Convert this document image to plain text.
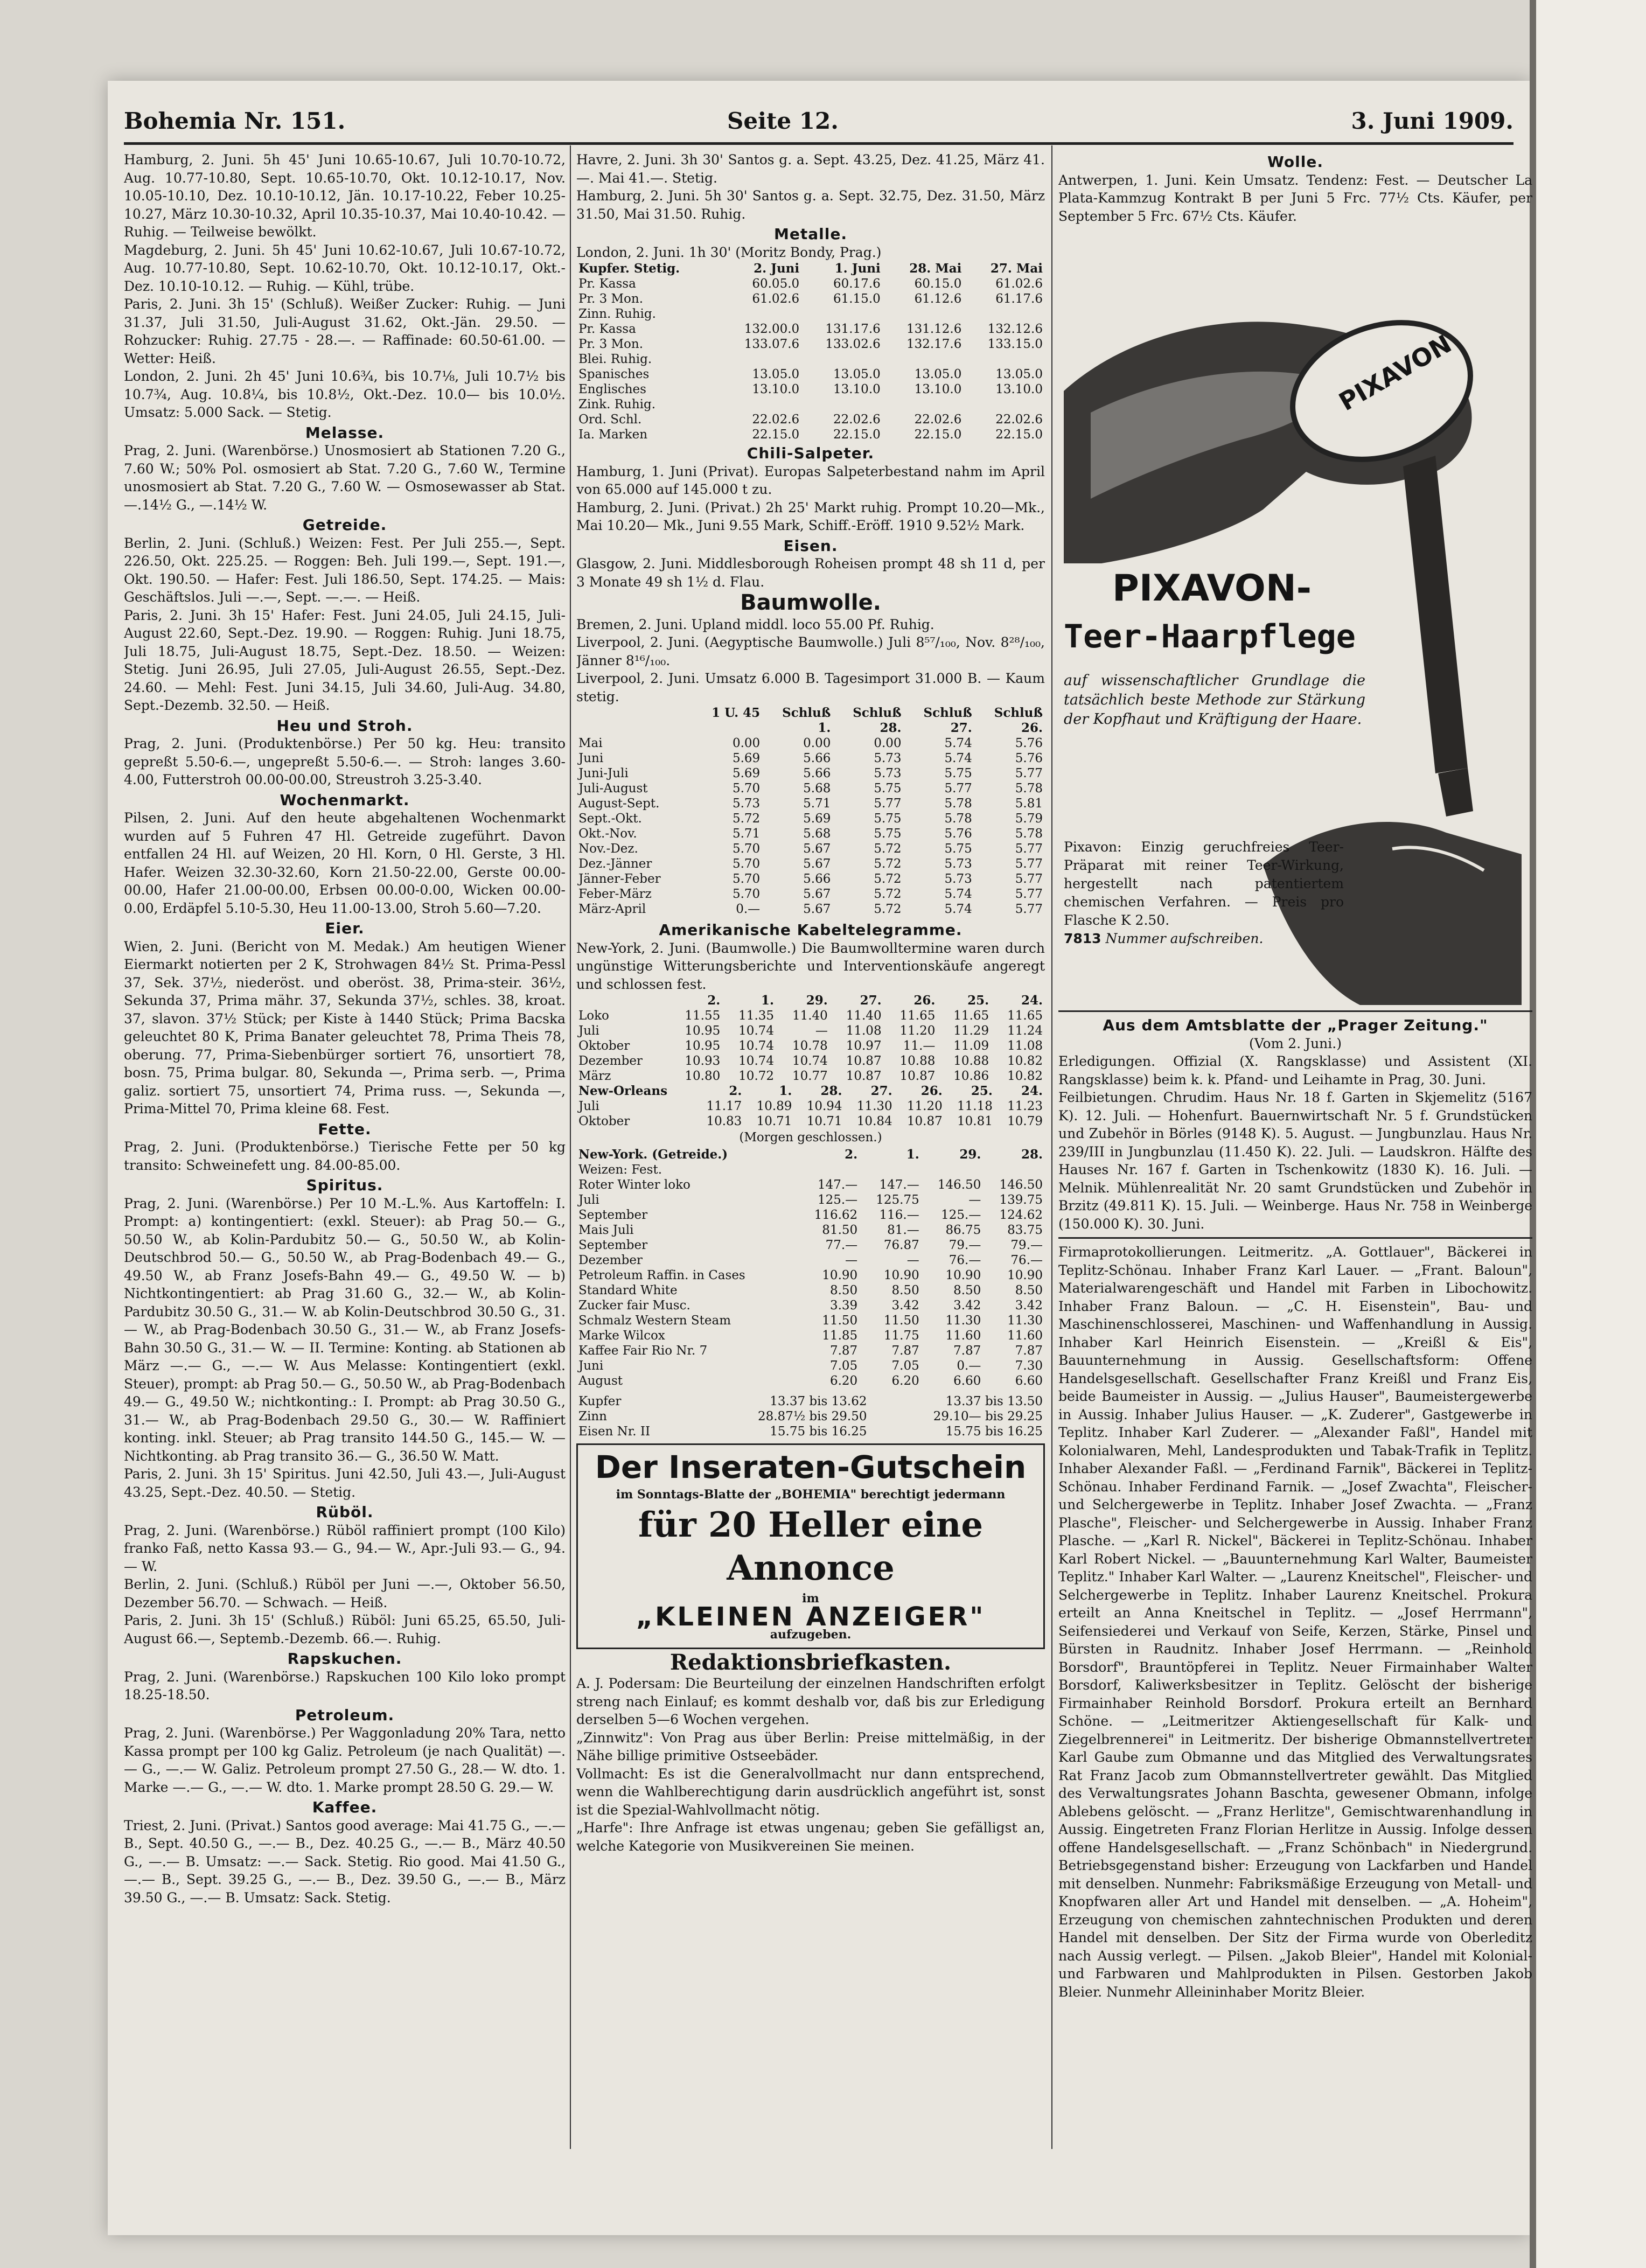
Bohemia Nr. 151.	Seite 12.	3. Juni 1909.

Hamburg, 2. Juni. 5h 45' Juni 10.65-10.67, Juli 10.70-10.72, Aug. 10.77-10.80, Sept. 10.65-10.70, Okt. 10.12-10.17, Nov. 10.05-10.10, Dez. 10.10-10.12, Jän. 10.17-10.22, Feber 10.25-10.27, März 10.30-10.32, April 10.35-10.37, Mai 10.40-10.42. — Ruhig. — Teilweise bewölkt.

Magdeburg, 2. Juni. 5h 45' Juni 10.62-10.67, Juli 10.67-10.72, Aug. 10.77-10.80, Sept. 10.62-10.70, Okt. 10.12-10.17, Okt.-Dez. 10.10-10.12. — Ruhig. — Kühl, trübe.

Paris, 2. Juni. 3h 15' (Schluß). Weißer Zucker: Ruhig. — Juni 31.37, Juli 31.50, Juli-August 31.62, Okt.-Jän. 29.50. — Rohzucker: Ruhig. 27.75 - 28.—. — Raffinade: 60.50-61.00. — Wetter: Heiß.

London, 2. Juni. 2h 45' Juni 10.6¾, bis 10.7⅛, Juli 10.7½ bis 10.7¾, Aug. 10.8¼, bis 10.8½, Okt.-Dez. 10.0— bis 10.0½. Umsatz: 5.000 Sack. — Stetig.

Melasse.

Prag, 2. Juni. (Warenbörse.) Unosmosiert ab Stationen 7.20 G., 7.60 W.; 50% Pol. osmosiert ab Stat. 7.20 G., 7.60 W., Termine unosmosiert ab Stat. 7.20 G., 7.60 W. — Osmosewasser ab Stat. —.14½ G., —.14½ W.

Getreide.

Berlin, 2. Juni. (Schluß.) Weizen: Fest. Per Juli 255.—, Sept. 226.50, Okt. 225.25. — Roggen: Beh. Juli 199.—, Sept. 191.—, Okt. 190.50. — Hafer: Fest. Juli 186.50, Sept. 174.25. — Mais: Geschäftslos. Juli —.—, Sept. —.—. — Heiß.

Paris, 2. Juni. 3h 15' Hafer: Fest. Juni 24.05, Juli 24.15, Juli-August 22.60, Sept.-Dez. 19.90. — Roggen: Ruhig. Juni 18.75, Juli 18.75, Juli-August 18.75, Sept.-Dez. 18.50. — Weizen: Stetig. Juni 26.95, Juli 27.05, Juli-August 26.55, Sept.-Dez. 24.60. — Mehl: Fest. Juni 34.15, Juli 34.60, Juli-Aug. 34.80, Sept.-Dezemb. 32.50. — Heiß.

Heu und Stroh.

Prag, 2. Juni. (Produktenbörse.) Per 50 kg. Heu: transito gepreßt 5.50-6.—, ungepreßt 5.50-6.—. — Stroh: langes 3.60-4.00, Futterstroh 00.00-00.00, Streustroh 3.25-3.40.

Wochenmarkt.

Pilsen, 2. Juni. Auf den heute abgehaltenen Wochenmarkt wurden auf 5 Fuhren 47 Hl. Getreide zugeführt. Davon entfallen 24 Hl. auf Weizen, 20 Hl. Korn, 0 Hl. Gerste, 3 Hl. Hafer. Weizen 32.30-32.60, Korn 21.50-22.00, Gerste 00.00-00.00, Hafer 21.00-00.00, Erbsen 00.00-0.00, Wicken 00.00-0.00, Erdäpfel 5.10-5.30, Heu 11.00-13.00, Stroh 5.60—7.20.

Eier.

Wien, 2. Juni. (Bericht von M. Medak.) Am heutigen Wiener Eiermarkt notierten per 2 K, Strohwagen 84½ St. Prima-Pessl 37, Sek. 37½, niederöst. und oberöst. 38, Prima-steir. 36½, Sekunda 37, Prima mähr. 37, Sekunda 37½, schles. 38, kroat. 37, slavon. 37½ Stück; per Kiste à 1440 Stück; Prima Bacska geleuchtet 80 K, Prima Banater geleuchtet 78, Prima Theis 78, oberung. 77, Prima-Siebenbürger sortiert 76, unsortiert 78, bosn. 75, Prima bulgar. 80, Sekunda —, Prima serb. —, Prima galiz. sortiert 75, unsortiert 74, Prima russ. —, Sekunda —, Prima-Mittel 70, Prima kleine 68. Fest.

Fette.

Prag, 2. Juni. (Produktenbörse.) Tierische Fette per 50 kg transito: Schweinefett ung. 84.00-85.00.

Spiritus.

Prag, 2. Juni. (Warenbörse.) Per 10 M.-L.%. Aus Kartoffeln: I. Prompt: a) kontingentiert: (exkl. Steuer): ab Prag 50.— G., 50.50 W., ab Kolin-Pardubitz 50.— G., 50.50 W., ab Kolin-Deutschbrod 50.— G., 50.50 W., ab Prag-Bodenbach 49.— G., 49.50 W., ab Franz Josefs-Bahn 49.— G., 49.50 W. — b) Nichtkontingentiert: ab Prag 31.60 G., 32.— W., ab Kolin-Pardubitz 30.50 G., 31.— W. ab Kolin-Deutschbrod 30.50 G., 31.— W., ab Prag-Bodenbach 30.50 G., 31.— W., ab Franz Josefs-Bahn 30.50 G., 31.— W. — II. Termine: Konting. ab Stationen ab März —.— G., —.— W. Aus Melasse: Kontingentiert (exkl. Steuer), prompt: ab Prag 50.— G., 50.50 W., ab Prag-Bodenbach 49.— G., 49.50 W.; nichtkonting.: I. Prompt: ab Prag 30.50 G., 31.— W., ab Prag-Bodenbach 29.50 G., 30.— W. Raffiniert konting. inkl. Steuer; ab Prag transito 144.50 G., 145.— W. — Nichtkonting. ab Prag transito 36.— G., 36.50 W. Matt.

Paris, 2. Juni. 3h 15' Spiritus. Juni 42.50, Juli 43.—, Juli-August 43.25, Sept.-Dez. 40.50. — Stetig.

Rüböl.

Prag, 2. Juni. (Warenbörse.) Rüböl raffiniert prompt (100 Kilo) franko Faß, netto Kassa 93.— G., 94.— W., Apr.-Juli 93.— G., 94.— W.

Berlin, 2. Juni. (Schluß.) Rüböl per Juni —.—, Oktober 56.50, Dezember 56.70. — Schwach. — Heiß.

Paris, 2. Juni. 3h 15' (Schluß.) Rüböl: Juni 65.25, 65.50, Juli-August 66.—, Septemb.-Dezemb. 66.—. Ruhig.

Rapskuchen.

Prag, 2. Juni. (Warenbörse.) Rapskuchen 100 Kilo loko prompt 18.25-18.50.

Petroleum.

Prag, 2. Juni. (Warenbörse.) Per Waggonladung 20% Tara, netto Kassa prompt per 100 kg Galiz. Petroleum (je nach Qualität) —.— G., —.— W. Galiz. Petroleum prompt 27.50 G., 28.— W. dto. 1. Marke —.— G., —.— W. dto. 1. Marke prompt 28.50 G. 29.— W.

Kaffee.

Triest, 2. Juni. (Privat.) Santos good average: Mai 41.75 G., —.— B., Sept. 40.50 G., —.— B., Dez. 40.25 G., —.— B., März 40.50 G., —.— B. Umsatz: —.— Sack. Stetig. Rio good. Mai 41.50 G., —.— B., Sept. 39.25 G., —.— B., Dez. 39.50 G., —.— B., März 39.50 G., —.— B. Umsatz: Sack. Stetig.

Havre, 2. Juni. 3h 30' Santos g. a. Sept. 43.25, Dez. 41.25, März 41.—. Mai 41.—. Stetig.

Hamburg, 2. Juni. 5h 30' Santos g. a. Sept. 32.75, Dez. 31.50, März 31.50, Mai 31.50. Ruhig.

Metalle.

London, 2. Juni. 1h 30' (Moritz Bondy, Prag.)

Kupfer. Stetig.	2. Juni	1. Juni	28. Mai	27. Mai
Pr. Kassa	60.05.0	60.17.6	60.15.0	61.02.6
Pr. 3 Mon.	61.02.6	61.15.0	61.12.6	61.17.6
Zinn. Ruhig.				
Pr. Kassa	132.00.0	131.17.6	131.12.6	132.12.6
Pr. 3 Mon.	133.07.6	133.02.6	132.17.6	133.15.0
Blei. Ruhig.				
Spanisches	13.05.0	13.05.0	13.05.0	13.05.0
Englisches	13.10.0	13.10.0	13.10.0	13.10.0
Zink. Ruhig.				
Ord. Schl.	22.02.6	22.02.6	22.02.6	22.02.6
Ia. Marken	22.15.0	22.15.0	22.15.0	22.15.0
Chili-Salpeter.

Hamburg, 1. Juni (Privat). Europas Salpeterbestand nahm im April von 65.000 auf 145.000 t zu.

Hamburg, 2. Juni. (Privat.) 2h 25' Markt ruhig. Prompt 10.20—Mk., Mai 10.20— Mk., Juni 9.55 Mark, Schiff.-Eröff. 1910 9.52½ Mark.

Eisen.

Glasgow, 2. Juni. Middlesborough Roheisen prompt 48 sh 11 d, per 3 Monate 49 sh 1½ d. Flau.

Baumwolle.

Bremen, 2. Juni. Upland middl. loco 55.00 Pf. Ruhig.

Liverpool, 2. Juni. (Aegyptische Baumwolle.) Juli 8⁵⁷/₁₀₀, Nov. 8²⁸/₁₀₀, Jänner 8¹⁶/₁₀₀.

Liverpool, 2. Juni. Umsatz 6.000 B. Tagesimport 31.000 B. — Kaum stetig.

	1 U. 45	Schluß	Schluß	Schluß	Schluß
		1.	28.	27.	26.
Mai	0.00	0.00	0.00	5.74	5.76
Juni	5.69	5.66	5.73	5.74	5.76
Juni-Juli	5.69	5.66	5.73	5.75	5.77
Juli-August	5.70	5.68	5.75	5.77	5.78
August-Sept.	5.73	5.71	5.77	5.78	5.81
Sept.-Okt.	5.72	5.69	5.75	5.78	5.79
Okt.-Nov.	5.71	5.68	5.75	5.76	5.78
Nov.-Dez.	5.70	5.67	5.72	5.75	5.77
Dez.-Jänner	5.70	5.67	5.72	5.73	5.77
Jänner-Feber	5.70	5.66	5.72	5.73	5.77
Feber-März	5.70	5.67	5.72	5.74	5.77
März-April	0.—	5.67	5.72	5.74	5.77
Amerikanische Kabeltelegramme.

New-York, 2. Juni. (Baumwolle.) Die Baumwolltermine waren durch ungünstige Witterungsberichte und Interventionskäufe angeregt und schlossen fest.

	2.	1.	29.	27.	26.	25.	24.
Loko	11.55	11.35	11.40	11.40	11.65	11.65	11.65
Juli	10.95	10.74	—	11.08	11.20	11.29	11.24
Oktober	10.95	10.74	10.78	10.97	11.—	11.09	11.08
Dezember	10.93	10.74	10.74	10.87	10.88	10.88	10.82
März	10.80	10.72	10.77	10.87	10.87	10.86	10.82
New-Orleans	2.	1.	28.	27.	26.	25.	24.
Juli	11.17	10.89	10.94	11.30	11.20	11.18	11.23
Oktober	10.83	10.71	10.71	10.84	10.87	10.81	10.79
(Morgen geschlossen.)
New-York. (Getreide.)	2.	1.	29.	28.
Weizen: Fest.				
Roter Winter loko	147.—	147.—	146.50	146.50
Juli	125.—	125.75	—	139.75
September	116.62	116.—	125.—	124.62
Mais Juli	81.50	81.—	86.75	83.75
September	77.—	76.87	79.—	79.—
Dezember	—	—	76.—	76.—
Petroleum Raffin. in Cases	10.90	10.90	10.90	10.90
Standard White	8.50	8.50	8.50	8.50
Zucker fair Musc.	3.39	3.42	3.42	3.42
Schmalz Western Steam	11.50	11.50	11.30	11.30
Marke Wilcox	11.85	11.75	11.60	11.60
Kaffee Fair Rio Nr. 7	7.87	7.87	7.87	7.87
Juni	7.05	7.05	0.—	7.30
August	6.20	6.20	6.60	6.60
Kupfer	13.37 bis 13.62	13.37 bis 13.50
Zinn	28.87½ bis 29.50	29.10— bis 29.25
Eisen Nr. II	15.75 bis 16.25	15.75 bis 16.25
Der Inseraten-Gutschein
im Sonntags-Blatte der „BOHEMIA" berechtigt jedermann
für 20 Heller eine Annonce
im
„KLEINEN ANZEIGER"
aufzugeben.
Redaktionsbriefkasten.

A. J. Podersam: Die Beurteilung der einzelnen Handschriften erfolgt streng nach Einlauf; es kommt deshalb vor, daß bis zur Erledigung derselben 5—6 Wochen vergehen.

„Zinnwitz": Von Prag aus über Berlin: Preise mittelmäßig, in der Nähe billige primitive Ostseebäder.

Vollmacht: Es ist die Generalvollmacht nur dann entsprechend, wenn die Wahlberechtigung darin ausdrücklich angeführt ist, sonst ist die Spezial-Wahlvollmacht nötig.

„Harfe": Ihre Anfrage ist etwas ungenau; geben Sie gefälligst an, welche Kategorie von Musikvereinen Sie meinen.

Wolle.

Antwerpen, 1. Juni. Kein Umsatz. Tendenz: Fest. — Deutscher La Plata-Kammzug Kontrakt B per Juni 5 Frc. 77½ Cts. Käufer, per September 5 Frc. 67½ Cts. Käufer.

PIXAVON
PIXAVON-
Teer-Haarpflege
auf wissenschaftlicher Grundlage die tatsächlich beste Methode zur Stärkung der Kopfhaut und Kräftigung der Haare.
Pixavon: Einzig geruchfreies Teer-Präparat mit reiner Teer-Wirkung, hergestellt nach patentiertem chemischen Verfahren. — Preis pro Flasche K 2.50.
7813 Nummer aufschreiben.
Aus dem Amtsblatte der „Prager Zeitung."
(Vom 2. Juni.)

Erledigungen. Offizial (X. Rangsklasse) und Assistent (XI. Rangsklasse) beim k. k. Pfand- und Leihamte in Prag, 30. Juni.

Feilbietungen. Chrudim. Haus Nr. 18 f. Garten in Skjemelitz (5167 K). 12. Juli. — Hohenfurt. Bauernwirtschaft Nr. 5 f. Grundstücken und Zubehör in Börles (9148 K). 5. August. — Jungbunzlau. Haus Nr. 239/III in Jungbunzlau (11.450 K). 22. Juli. — Laudskron. Hälfte des Hauses Nr. 167 f. Garten in Tschenkowitz (1830 K). 16. Juli. — Melnik. Mühlenrealität Nr. 20 samt Grundstücken und Zubehör in Brzitz (49.811 K). 15. Juli. — Weinberge. Haus Nr. 758 in Weinberge (150.000 K). 30. Juni.

Firmaprotokollierungen. Leitmeritz. „A. Gottlauer", Bäckerei in Teplitz-Schönau. Inhaber Franz Karl Lauer. — „Frant. Baloun", Materialwarengeschäft und Handel mit Farben in Libochowitz. Inhaber Franz Baloun. — „C. H. Eisenstein", Bau- und Maschinenschlosserei, Maschinen- und Waffenhandlung in Aussig. Inhaber Karl Heinrich Eisenstein. — „Kreißl & Eis", Bauunternehmung in Aussig. Gesellschaftsform: Offene Handelsgesellschaft. Gesellschafter Franz Kreißl und Franz Eis, beide Baumeister in Aussig. — „Julius Hauser", Baumeistergewerbe in Aussig. Inhaber Julius Hauser. — „K. Zuderer", Gastgewerbe in Teplitz. Inhaber Karl Zuderer. — „Alexander Faßl", Handel mit Kolonialwaren, Mehl, Landesprodukten und Tabak-Trafik in Teplitz. Inhaber Alexander Faßl. — „Ferdinand Farnik", Bäckerei in Teplitz-Schönau. Inhaber Ferdinand Farnik. — „Josef Zwachta", Fleischer- und Selchergewerbe in Teplitz. Inhaber Josef Zwachta. — „Franz Plasche", Fleischer- und Selchergewerbe in Aussig. Inhaber Franz Plasche. — „Karl R. Nickel", Bäckerei in Teplitz-Schönau. Inhaber Karl Robert Nickel. — „Bauunternehmung Karl Walter, Baumeister Teplitz." Inhaber Karl Walter. — „Laurenz Kneitschel", Fleischer- und Selchergewerbe in Teplitz. Inhaber Laurenz Kneitschel. Prokura erteilt an Anna Kneitschel in Teplitz. — „Josef Herrmann", Seifensiederei und Verkauf von Seife, Kerzen, Stärke, Pinsel und Bürsten in Raudnitz. Inhaber Josef Herrmann. — „Reinhold Borsdorf", Brauntöpferei in Teplitz. Neuer Firmainhaber Walter Borsdorf, Kaliwerksbesitzer in Teplitz. Gelöscht der bisherige Firmainhaber Reinhold Borsdorf. Prokura erteilt an Bernhard Schöne. — „Leitmeritzer Aktiengesellschaft für Kalk- und Ziegelbrennerei" in Leitmeritz. Der bisherige Obmannstellvertreter Karl Gaube zum Obmanne und das Mitglied des Verwaltungsrates Rat Franz Jacob zum Obmannstellvertreter gewählt. Das Mitglied des Verwaltungsrates Johann Baschta, gewesener Obmann, infolge Ablebens gelöscht. — „Franz Herlitze", Gemischtwarenhandlung in Aussig. Eingetreten Franz Florian Herlitze in Aussig. Infolge dessen offene Handelsgesellschaft. — „Franz Schönbach" in Niedergrund. Betriebsgegenstand bisher: Erzeugung von Lackfarben und Handel mit denselben. Nunmehr: Fabriksmäßige Erzeugung von Metall- und Knopfwaren aller Art und Handel mit denselben. — „A. Hoheim", Erzeugung von chemischen zahntechnischen Produkten und deren Handel mit denselben. Der Sitz der Firma wurde von Oberleditz nach Aussig verlegt. — Pilsen. „Jakob Bleier", Handel mit Kolonial- und Farbwaren und Mahlprodukten in Pilsen. Gestorben Jakob Bleier. Nunmehr Alleininhaber Moritz Bleier.
